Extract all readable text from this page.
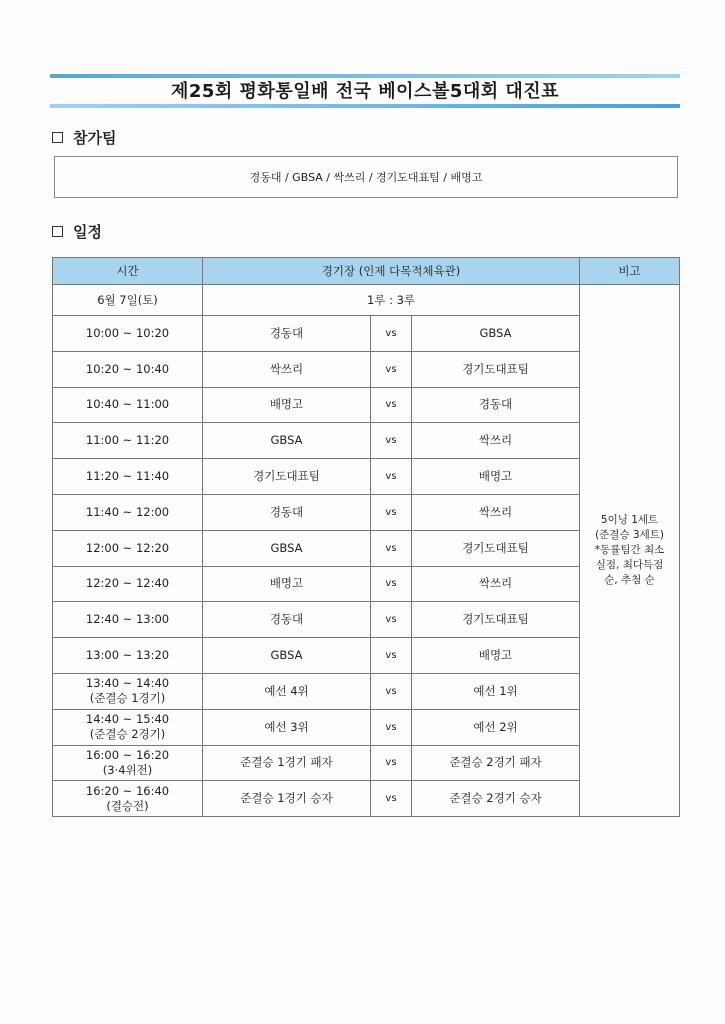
제25회 평화통일배 전국 베이스볼5대회 대진표
참가팀
경동대 / GBSA / 싹쓰리 / 경기도대표팀 / 배명고
일정
시간	경기장 (인제 다목적체육관)			비고
6월 7일(토)	1루 : 3루			5이닝 1세트
(준결승 3세트)
*동률팀간 최소
실점, 최다득점
순, 추첨 순

10:00 ~ 10:20	경동대	vs	GBSA	

10:20 ~ 10:40	싹쓰리	vs	경기도대표팀	

10:40 ~ 11:00	배명고	vs	경동대	

11:00 ~ 11:20	GBSA	vs	싹쓰리	

11:20 ~ 11:40	경기도대표팀	vs	배명고	

11:40 ~ 12:00	경동대	vs	싹쓰리	

12:00 ~ 12:20	GBSA	vs	경기도대표팀	

12:20 ~ 12:40	배명고	vs	싹쓰리	

12:40 ~ 13:00	경동대	vs	경기도대표팀	

13:00 ~ 13:20	GBSA	vs	배명고	

13:40 ~ 14:40
(준결승 1경기)	예선 4위	vs	예선 1위	

14:40 ~ 15:40
(준결승 2경기)	예선 3위	vs	예선 2위	

16:00 ~ 16:20
(3·4위전)	준결승 1경기 패자	vs	준결승 2경기 패자	

16:20 ~ 16:40
(결승전)	준결승 1경기 승자	vs	준결승 2경기 승자	
